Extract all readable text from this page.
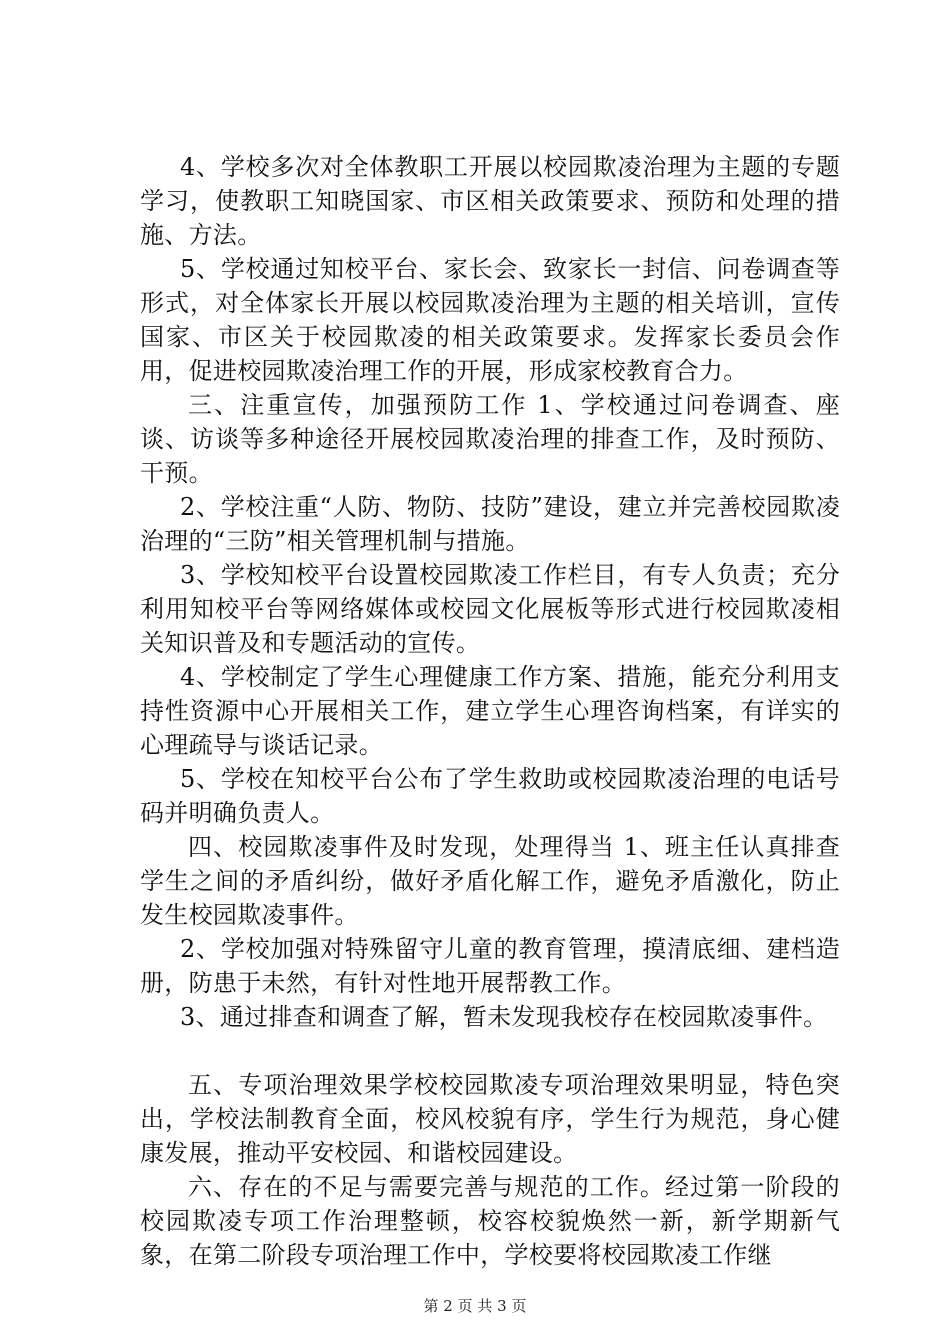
4、学校多次对全体教职工开展以校园欺凌治理为主题的专题学习，使教职工知晓国家、市区相关政策要求、预防和处理的措施、方法。

5、学校通过知校平台、家长会、致家长一封信、问卷调查等形式，对全体家长开展以校园欺凌治理为主题的相关培训，宣传国家、市区关于校园欺凌的相关政策要求。发挥家长委员会作用，促进校园欺凌治理工作的开展，形成家校教育合力。

三、注重宣传，加强预防工作 1、学校通过问卷调查、座谈、访谈等多种途径开展校园欺凌治理的排查工作，及时预防、干预。

2、学校注重“人防、物防、技防”建设，建立并完善校园欺凌治理的“三防”相关管理机制与措施。

3、学校知校平台设置校园欺凌工作栏目，有专人负责；充分利用知校平台等网络媒体或校园文化展板等形式进行校园欺凌相关知识普及和专题活动的宣传。

4、学校制定了学生心理健康工作方案、措施，能充分利用支持性资源中心开展相关工作，建立学生心理咨询档案，有详实的心理疏导与谈话记录。

5、学校在知校平台公布了学生救助或校园欺凌治理的电话号码并明确负责人。

四、校园欺凌事件及时发现，处理得当 1、班主任认真排查学生之间的矛盾纠纷，做好矛盾化解工作，避免矛盾激化，防止发生校园欺凌事件。

2、学校加强对特殊留守儿童的教育管理，摸清底细、建档造册，防患于未然，有针对性地开展帮教工作。

3、通过排查和调查了解，暂未发现我校存在校园欺凌事件。

五、专项治理效果学校校园欺凌专项治理效果明显，特色突出，学校法制教育全面，校风校貌有序，学生行为规范，身心健康发展，推动平安校园、和谐校园建设。

六、存在的不足与需要完善与规范的工作。经过第一阶段的校园欺凌专项工作治理整顿，校容校貌焕然一新，新学期新气象，在第二阶段专项治理工作中，学校要将校园欺凌工作继

第 2 页 共 3 页
